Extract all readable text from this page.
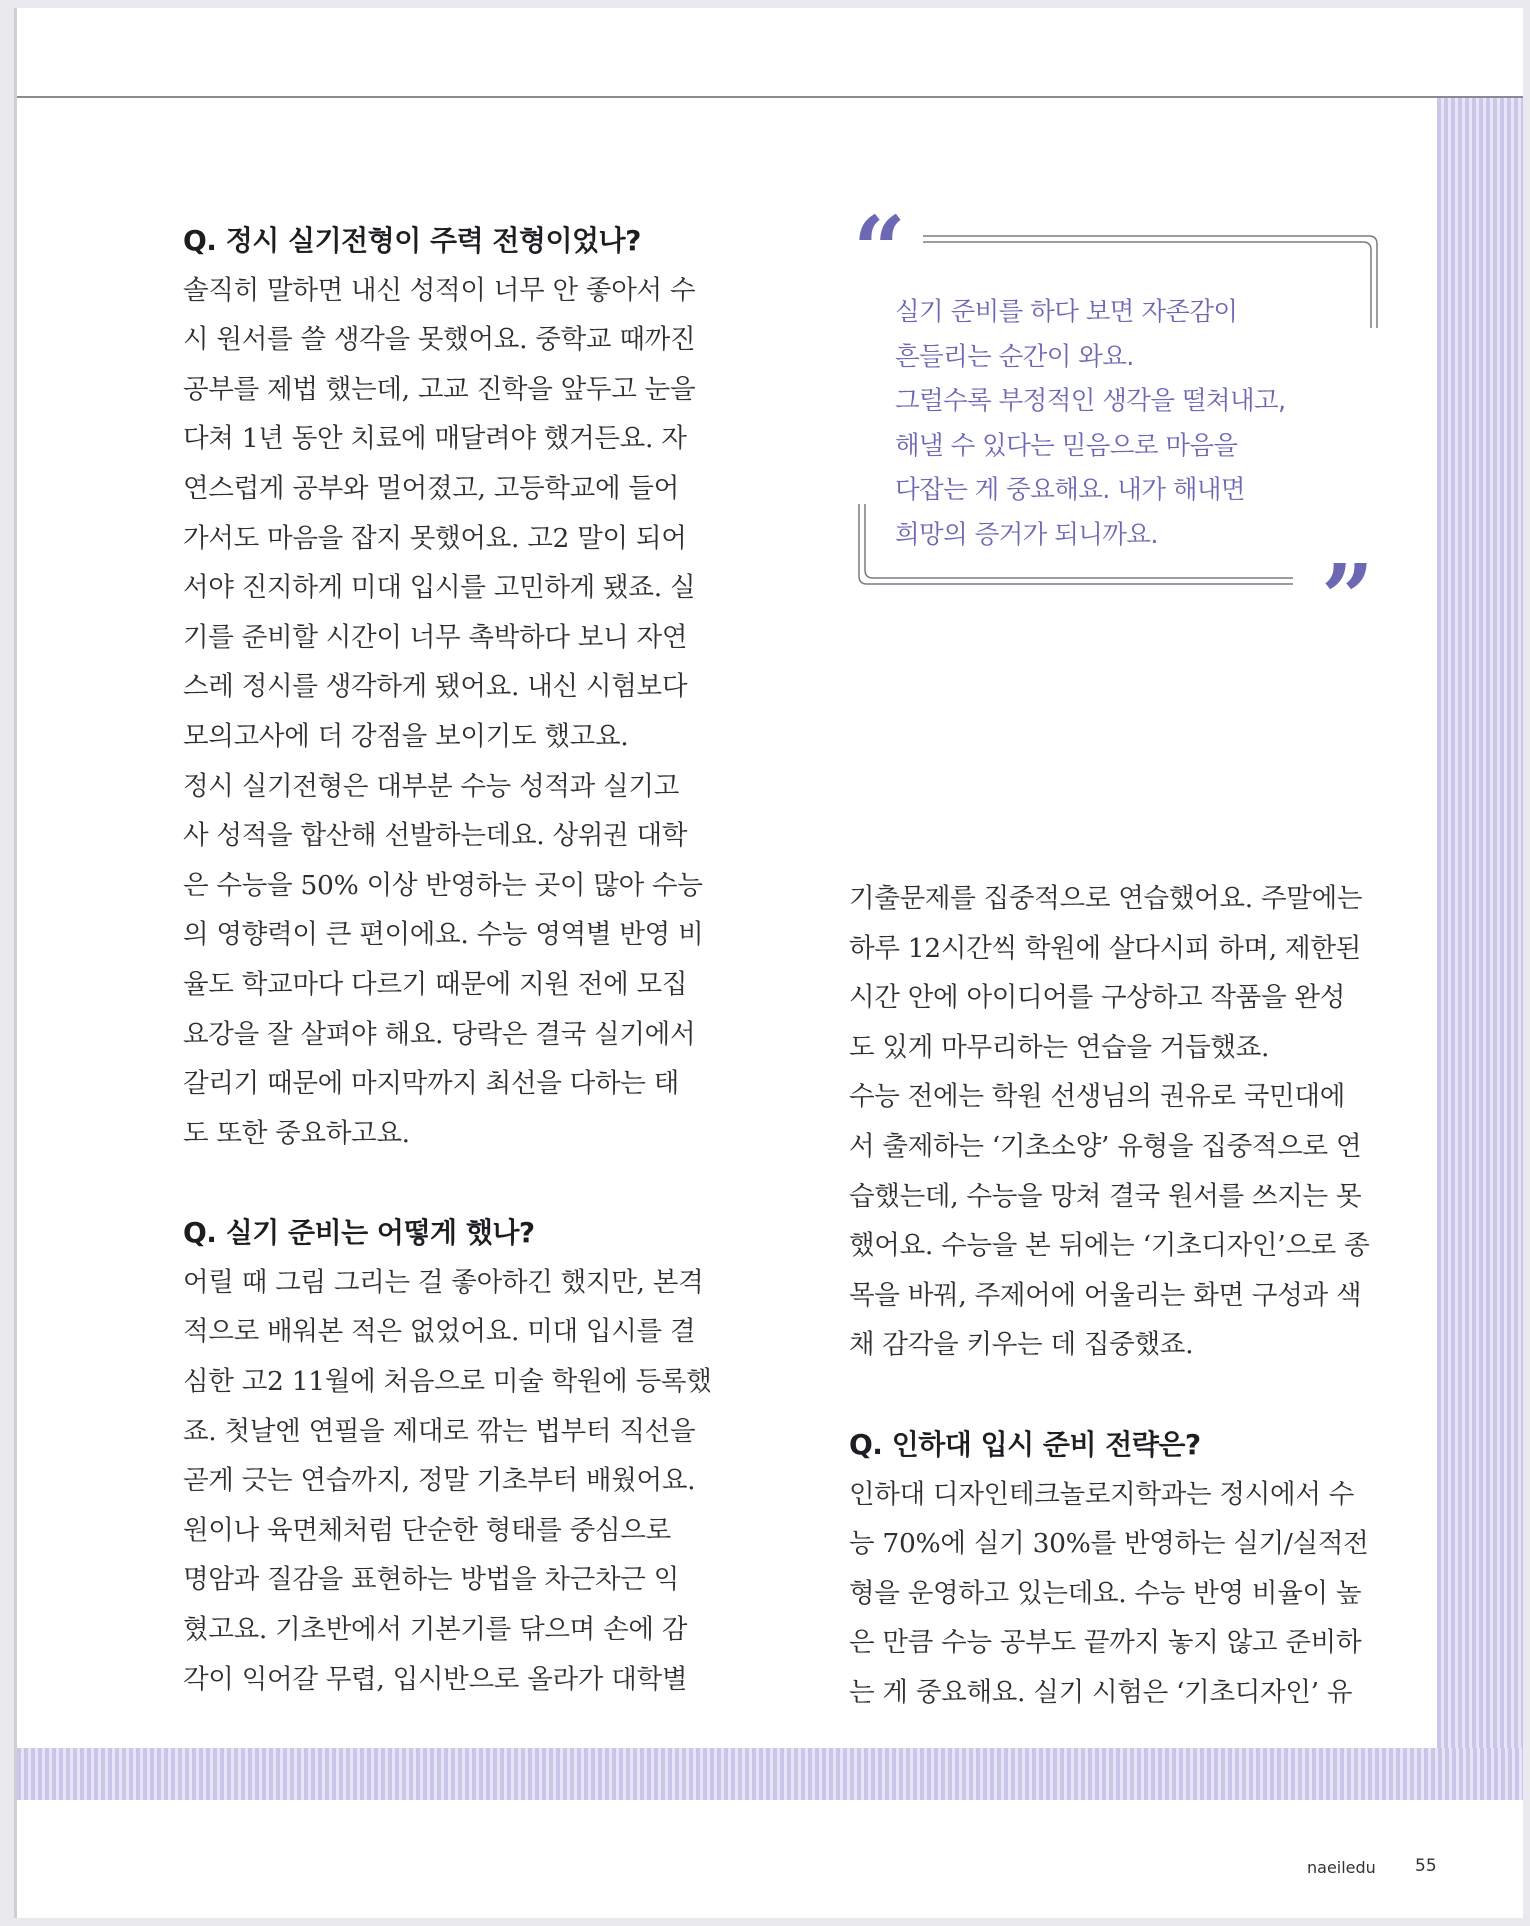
Q. 정시 실기전형이 주력 전형이었나?
솔직히 말하면 내신 성적이 너무 안 좋아서 수
시 원서를 쓸 생각을 못했어요. 중학교 때까진
공부를 제법 했는데, 고교 진학을 앞두고 눈을
다쳐 1년 동안 치료에 매달려야 했거든요. 자
연스럽게 공부와 멀어졌고, 고등학교에 들어
가서도 마음을 잡지 못했어요. 고2 말이 되어
서야 진지하게 미대 입시를 고민하게 됐죠. 실
기를 준비할 시간이 너무 촉박하다 보니 자연
스레 정시를 생각하게 됐어요. 내신 시험보다
모의고사에 더 강점을 보이기도 했고요.
정시 실기전형은 대부분 수능 성적과 실기고
사 성적을 합산해 선발하는데요. 상위권 대학
은 수능을 50% 이상 반영하는 곳이 많아 수능
의 영향력이 큰 편이에요. 수능 영역별 반영 비
율도 학교마다 다르기 때문에 지원 전에 모집
요강을 잘 살펴야 해요. 당락은 결국 실기에서
갈리기 때문에 마지막까지 최선을 다하는 태
도 또한 중요하고요.
Q. 실기 준비는 어떻게 했나?
어릴 때 그림 그리는 걸 좋아하긴 했지만, 본격
적으로 배워본 적은 없었어요. 미대 입시를 결
심한 고2 11월에 처음으로 미술 학원에 등록했
죠. 첫날엔 연필을 제대로 깎는 법부터 직선을
곧게 긋는 연습까지, 정말 기초부터 배웠어요.
원이나 육면체처럼 단순한 형태를 중심으로
명암과 질감을 표현하는 방법을 차근차근 익
혔고요. 기초반에서 기본기를 닦으며 손에 감
각이 익어갈 무렵, 입시반으로 올라가 대학별
“
”
실기 준비를 하다 보면 자존감이
흔들리는 순간이 와요.
그럴수록 부정적인 생각을 떨쳐내고,
해낼 수 있다는 믿음으로 마음을
다잡는 게 중요해요. 내가 해내면
희망의 증거가 되니까요.
기출문제를 집중적으로 연습했어요. 주말에는
하루 12시간씩 학원에 살다시피 하며, 제한된
시간 안에 아이디어를 구상하고 작품을 완성
도 있게 마무리하는 연습을 거듭했죠.
수능 전에는 학원 선생님의 권유로 국민대에
서 출제하는 ‘기초소양’ 유형을 집중적으로 연
습했는데, 수능을 망쳐 결국 원서를 쓰지는 못
했어요. 수능을 본 뒤에는 ‘기초디자인’으로 종
목을 바꿔, 주제어에 어울리는 화면 구성과 색
채 감각을 키우는 데 집중했죠.
Q. 인하대 입시 준비 전략은?
인하대 디자인테크놀로지학과는 정시에서 수
능 70%에 실기 30%를 반영하는 실기/실적전
형을 운영하고 있는데요. 수능 반영 비율이 높
은 만큼 수능 공부도 끝까지 놓지 않고 준비하
는 게 중요해요. 실기 시험은 ‘기초디자인’ 유
naeiledu 55
